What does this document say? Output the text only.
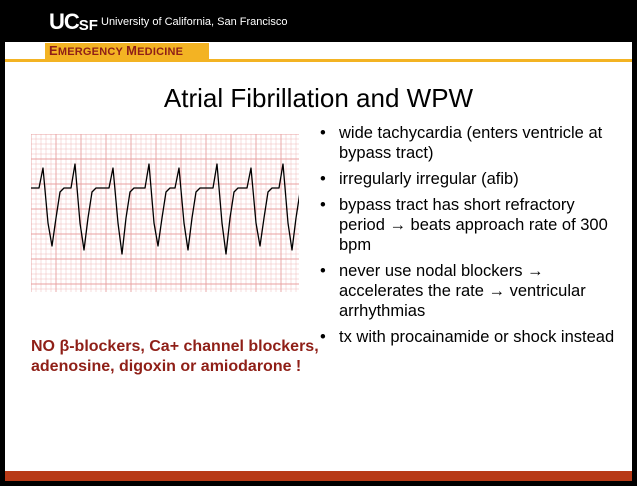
UCSF University of California, San Francisco
EMERGENCY MEDICINE
Atrial Fibrillation and WPW
• wide tachycardia (enters ventricle at bypass tract)
• irregularly irregular (afib)
• bypass tract has short refractory period → beats approach rate of 300 bpm
• never use nodal blockers → accelerates the rate → ventricular arrhythmias
• tx with procainamide or shock instead
NO β-blockers, Ca+ channel blockers, adenosine, digoxin or amiodarone !
